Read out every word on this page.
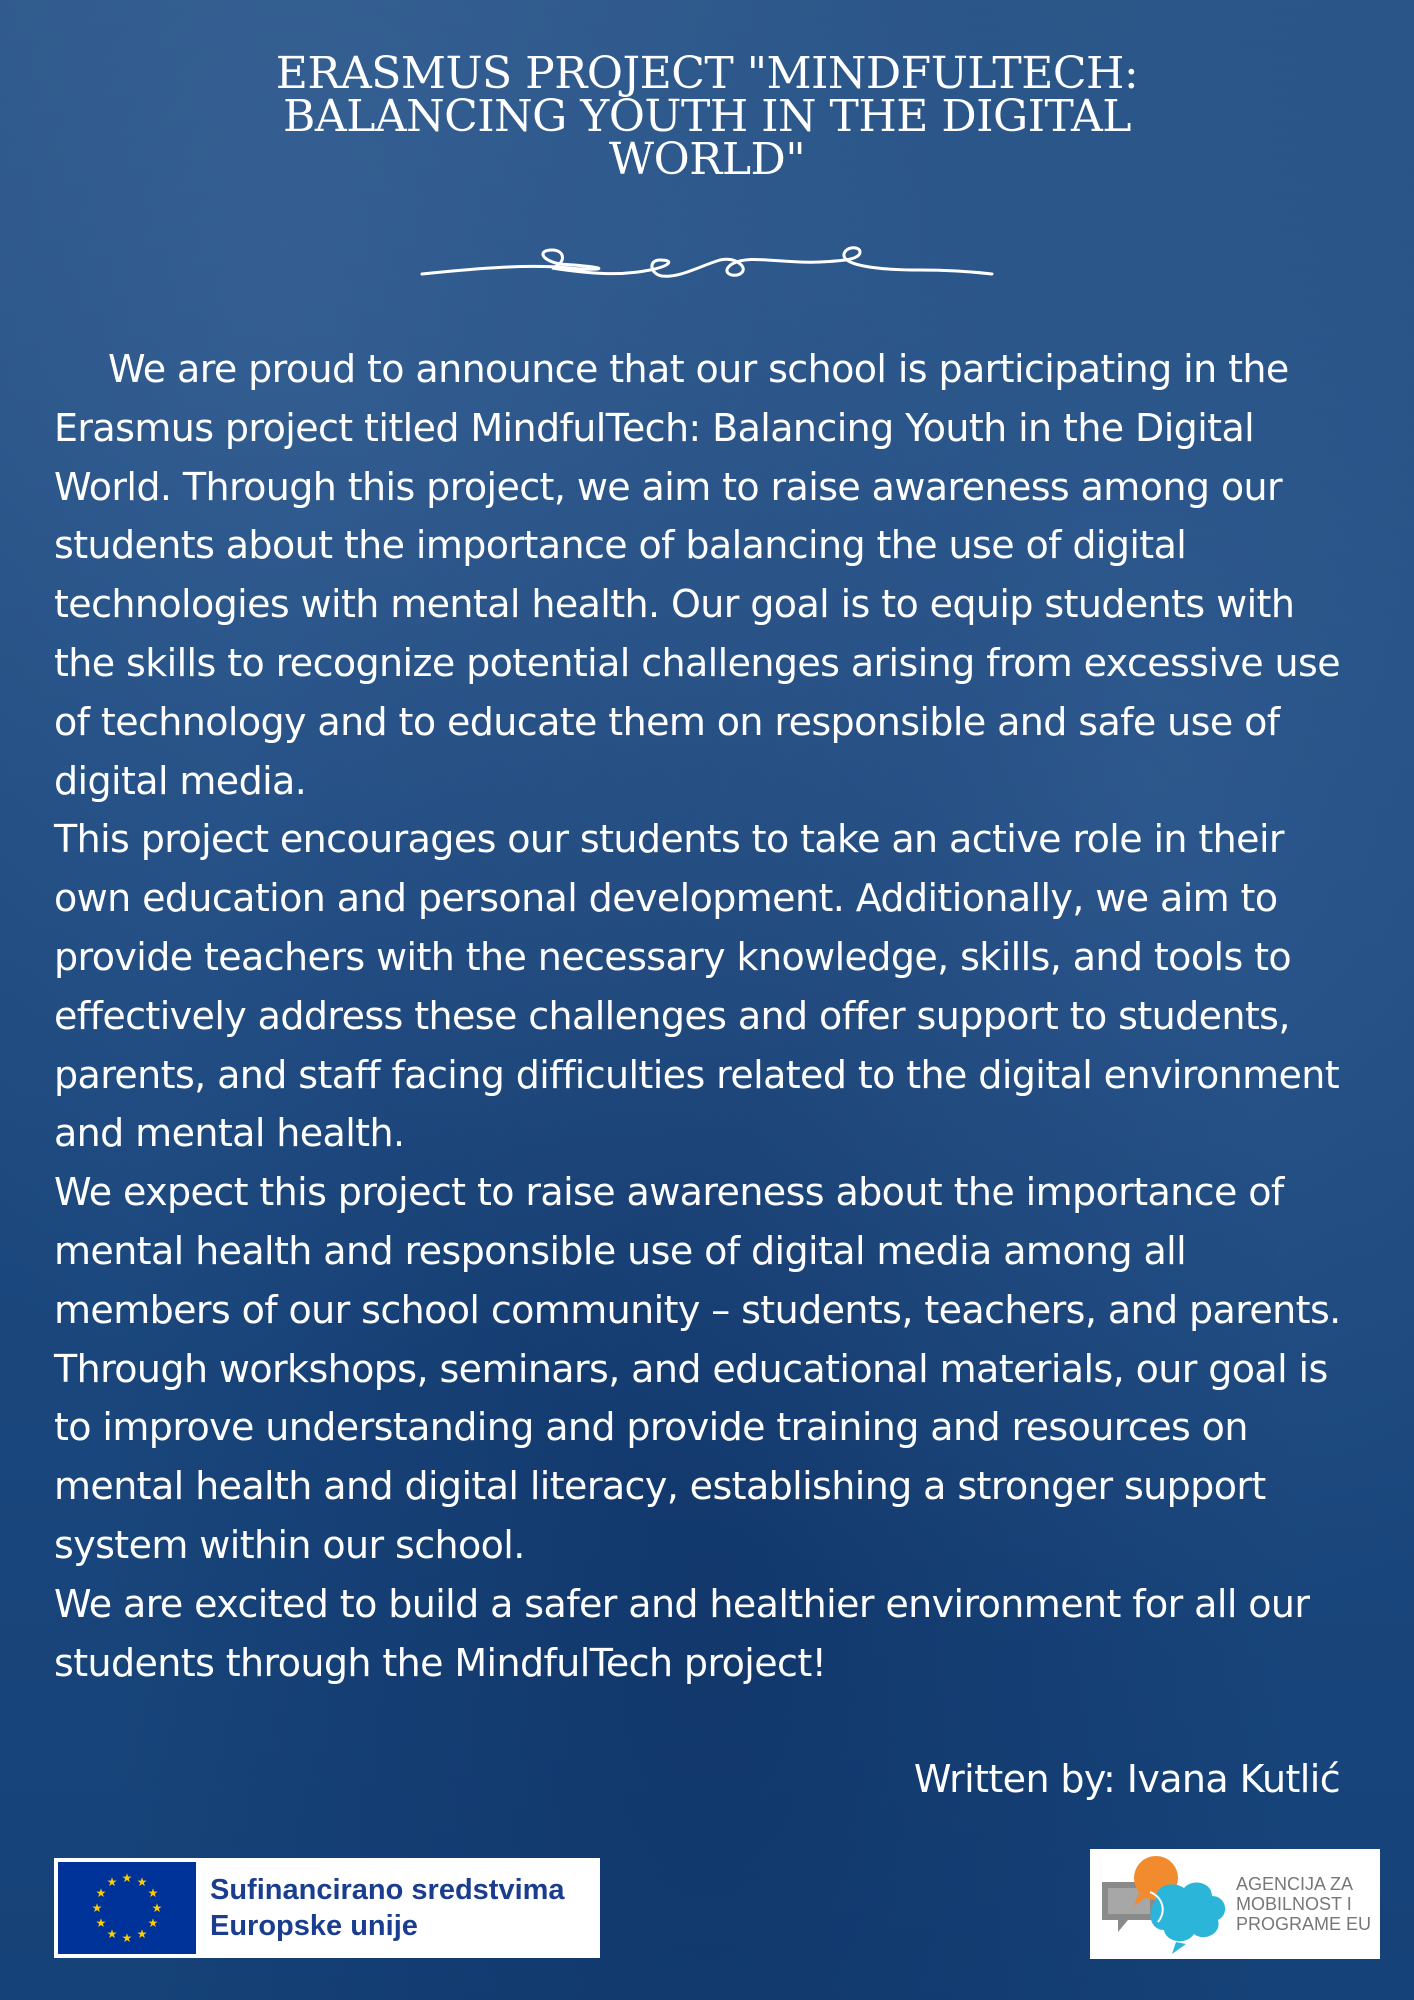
ERASMUS PROJECT "MINDFULTECH: BALANCING YOUTH IN THE DIGITAL WORLD"

We are proud to announce that our school is participating in the Erasmus project titled MindfulTech: Balancing Youth in the Digital World. Through this project, we aim to raise awareness among our students about the importance of balancing the use of digital technologies with mental health. Our goal is to equip students with the skills to recognize potential challenges arising from excessive use of technology and to educate them on responsible and safe use of digital media.

This project encourages our students to take an active role in their own education and personal development. Additionally, we aim to provide teachers with the necessary knowledge, skills, and tools to effectively address these challenges and offer support to students, parents, and staff facing difficulties related to the digital environment and mental health.

We expect this project to raise awareness about the importance of mental health and responsible use of digital media among all members of our school community – students, teachers, and parents. Through workshops, seminars, and educational materials, our goal is to improve understanding and provide training and resources on mental health and digital literacy, establishing a stronger support system within our school.

We are excited to build a safer and healthier environment for all our students through the MindfulTech project!

Written by: Ivana Kutlić
★ ★
★
★
★
★
★
★
★
★
★
★	Sufinancirano sredstvima
Europske unije
AGENCIJA ZA
MOBILNOST I
PROGRAME EU
